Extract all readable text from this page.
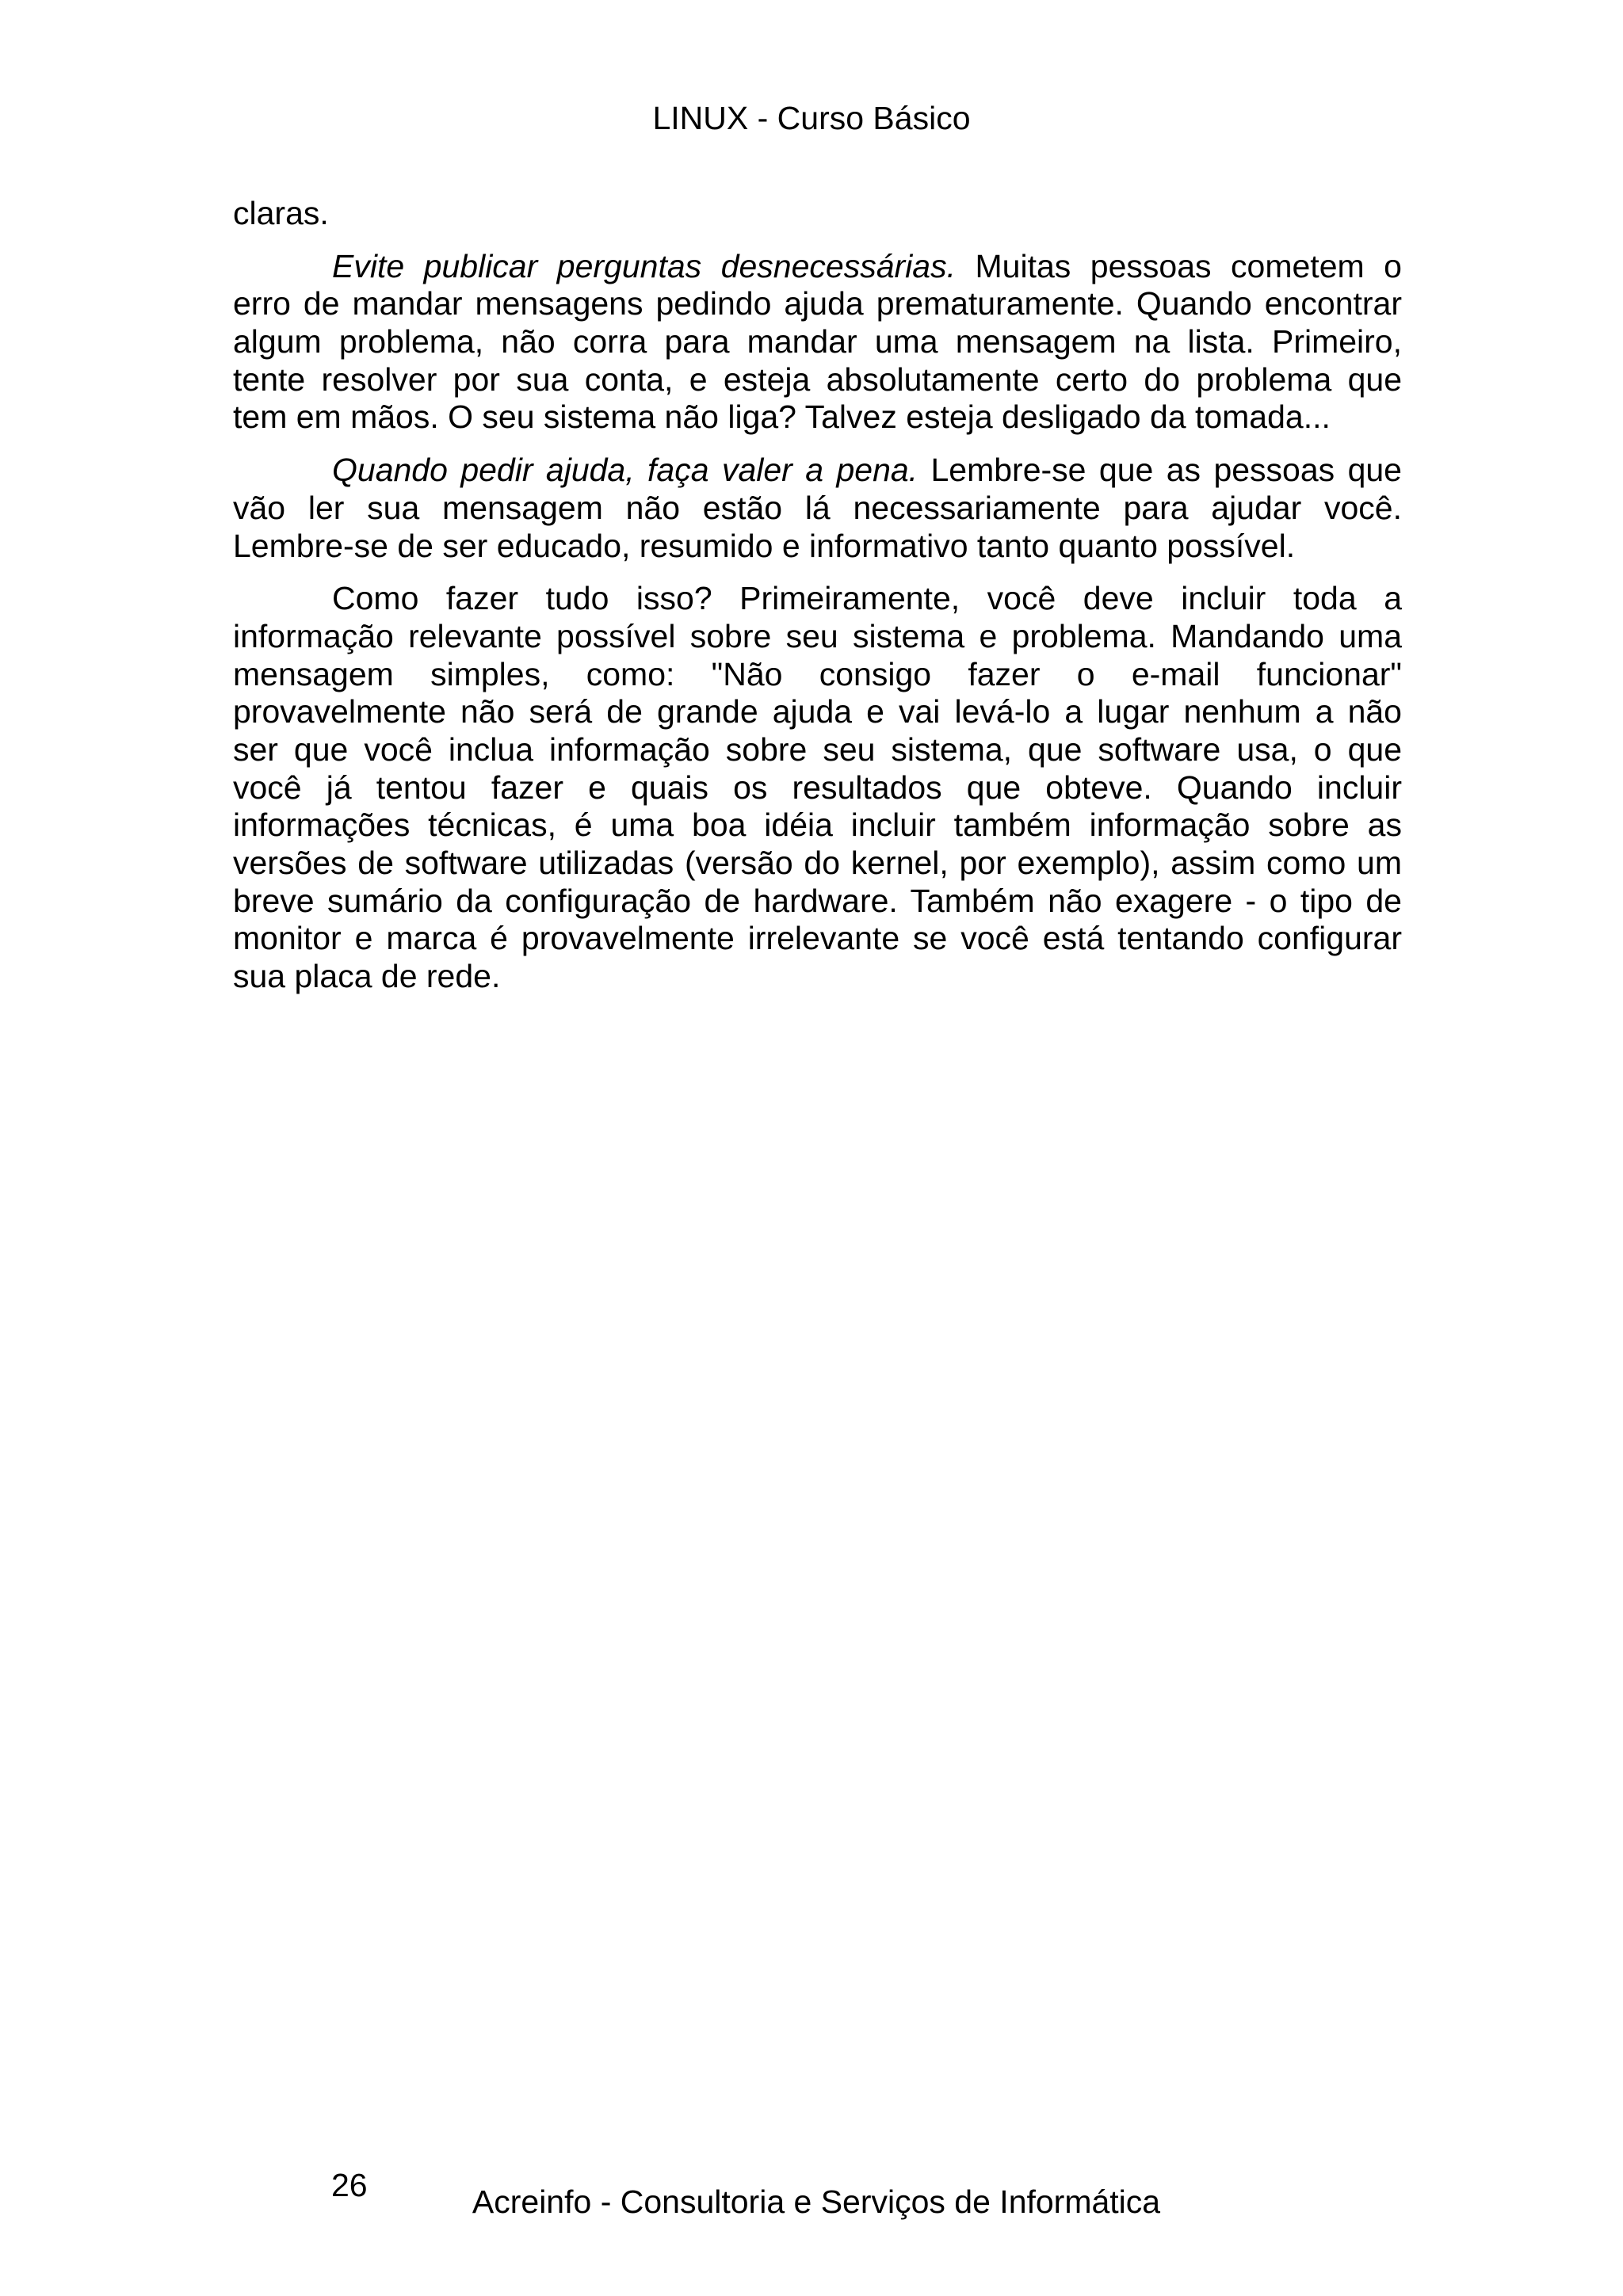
LINUX - Curso Básico
claras.
Evite publicar perguntas desnecessárias. Muitas pessoas cometem o
erro de mandar mensagens pedindo ajuda prematuramente. Quando encontrar
algum problema, não corra para mandar uma mensagem na lista. Primeiro,
tente resolver por sua conta, e esteja absolutamente certo do problema que
tem em mãos. O seu sistema não liga? Talvez esteja desligado da tomada...
Quando pedir ajuda, faça valer a pena. Lembre-se que as pessoas que
vão ler sua mensagem não estão lá necessariamente para ajudar você.
Lembre-se de ser educado, resumido e informativo tanto quanto possível.
Como fazer tudo isso? Primeiramente, você deve incluir toda a
informação relevante possível sobre seu sistema e problema. Mandando uma
mensagem simples, como: "Não consigo fazer o e-mail funcionar"
provavelmente não será de grande ajuda e vai levá-lo a lugar nenhum a não
ser que você inclua informação sobre seu sistema, que software usa, o que
você já tentou fazer e quais os resultados que obteve. Quando incluir
informações técnicas, é uma boa idéia incluir também informação sobre as
versões de software utilizadas (versão do kernel, por exemplo), assim como um
breve sumário da configuração de hardware. Também não exagere - o tipo de
monitor e marca é provavelmente irrelevante se você está tentando configurar
sua placa de rede.
26	Acreinfo - Consultoria e Serviços de Informática
